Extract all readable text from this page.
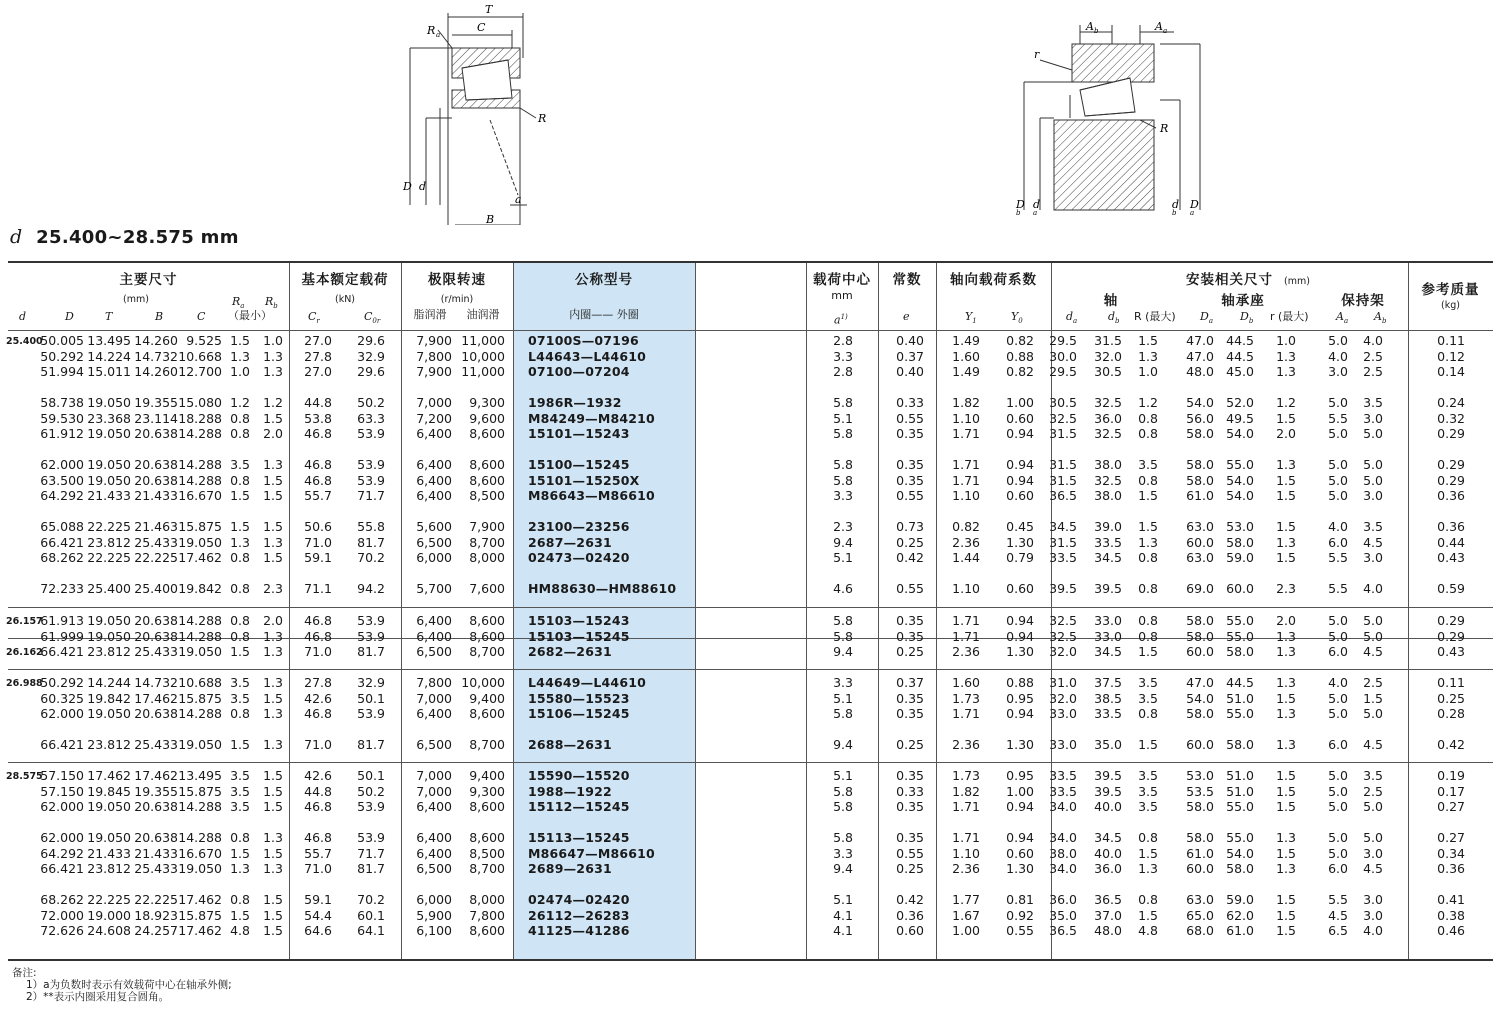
T
C
R a
R
D d
a
B
A b	A a
r
R
D
b
d
a
d
b
D
a
d 25.400~28.575 mm
主要尺寸
(mm)
基本额定载荷
(kN)
极限转速
(r/min)
公称型号
内圈—— 外圈
载荷中心
mm
常数	轴向载荷系数	安装相关尺寸	(mm)
轴	轴承座	保持架
参考质量
(kg)
脂润滑	油润滑
d	D	T	B	C
$R_a$ $R_b$
（最小）	$C_r$	$C_{0r}$	$a^{1)}$	e	$Y_1$	$Y_0$	$d_a$	$d_b$ R (最大) $D_a$ $D_b$ r (最大) $A_a$ $A_b$
25.400
50.005 13.495 14.260 9.525 1.5	1.0	27.0	29.6	7,900 11,000 07100S—07196	2.8	0.40	1.49	0.82	29.5	31.5	1.5	47.0 44.5	1.0	5.0	4.0	0.11
50.292 14.224 14.732 10.668 1.3	1.3	27.8	32.9	7,800 10,000 L44643—L44610	3.3	0.37	1.60	0.88	30.0	32.0	1.3	47.0 44.5	1.3	4.0	2.5	0.12
51.994 15.011 14.260 12.700 1.0	1.3	27.0	29.6	7,900 11,000 07100—07204	2.8	0.40	1.49	0.82	29.5	30.5	1.0	48.0 45.0	1.3	3.0	2.5	0.14
58.738 19.050 19.355 15.080 1.2	1.2	44.8	50.2	7,000	9,300 1986R—1932	5.8	0.33	1.82	1.00	30.5	32.5	1.2	54.0 52.0	1.2	5.0	3.5	0.24
59.530 23.368 23.114 18.288 0.8	1.5	53.8	63.3	7,200	9,600 M84249—M84210	5.1	0.55	1.10	0.60	32.5	36.0	0.8	56.0 49.5	1.5	5.5	3.0	0.32
61.912 19.050 20.638 14.288 0.8	2.0	46.8	53.9	6,400	8,600 15101—15243	5.8	0.35	1.71	0.94	31.5	32.5	0.8	58.0 54.0	2.0	5.0	5.0	0.29
62.000 19.050 20.638 14.288 3.5	1.3	46.8	53.9	6,400	8,600 15100—15245	5.8	0.35	1.71	0.94	31.5	38.0	3.5	58.0 55.0	1.3	5.0	5.0	0.29
63.500 19.050 20.638 14.288 0.8	1.5	46.8	53.9	6,400	8,600 15101—15250X	5.8	0.35	1.71	0.94	31.5	32.5	0.8	58.0 54.0	1.5	5.0	5.0	0.29
64.292 21.433 21.433 16.670 1.5	1.5	55.7	71.7	6,400	8,500 M86643—M86610	3.3	0.55	1.10	0.60	36.5	38.0	1.5	61.0 54.0	1.5	5.0	3.0	0.36
65.088 22.225 21.463 15.875 1.5	1.5	50.6	55.8	5,600	7,900 23100—23256	2.3	0.73	0.82	0.45	34.5	39.0	1.5	63.0 53.0	1.5	4.0	3.5	0.36
66.421 23.812 25.433 19.050 1.3	1.3	71.0	81.7	6,500	8,700 2687—2631	9.4	0.25	2.36	1.30	31.5	33.5	1.3	60.0 58.0	1.3	6.0	4.5	0.44
68.262 22.225 22.225 17.462 0.8	1.5	59.1	70.2	6,000	8,000 02473—02420	5.1	0.42	1.44	0.79	33.5	34.5	0.8	63.0 59.0	1.5	5.5	3.0	0.43
72.233 25.400 25.400 19.842 0.8	2.3	71.1	94.2	5,700	7,600 HM88630—HM88610	4.6	0.55	1.10	0.60	39.5	39.5	0.8	69.0 60.0	2.3	5.5	4.0	0.59
26.157
61.913 19.050 20.638 14.288 0.8	2.0	46.8	53.9	6,400	8,600 15103—15243	5.8	0.35	1.71	0.94	32.5	33.0	0.8	58.0 55.0	2.0	5.0	5.0	0.29
61.999 19.050 20.638 14.288 0.8	1.3	46.8	53.9	6,400	8,600 15103—15245	5.8	0.35	1.71	0.94	32.5	33.0	0.8	58.0 55.0	1.3	5.0	5.0	0.29
26.162
66.421 23.812 25.433 19.050 1.5	1.3	71.0	81.7	6,500	8,700 2682—2631	9.4	0.25	2.36	1.30	32.0	34.5	1.5	60.0 58.0	1.3	6.0	4.5	0.43
26.988
50.292 14.244 14.732 10.688 3.5	1.3	27.8	32.9	7,800 10,000 L44649—L44610	3.3	0.37	1.60	0.88	31.0	37.5	3.5	47.0 44.5	1.3	4.0	2.5	0.11
60.325 19.842 17.462 15.875 3.5	1.5	42.6	50.1	7,000	9,400 15580—15523	5.1	0.35	1.73	0.95	32.0	38.5	3.5	54.0 51.0	1.5	5.0	1.5	0.25
62.000 19.050 20.638 14.288 0.8	1.3	46.8	53.9	6,400	8,600 15106—15245	5.8	0.35	1.71	0.94	33.0	33.5	0.8	58.0 55.0	1.3	5.0	5.0	0.28
66.421 23.812 25.433 19.050 1.5	1.3	71.0	81.7	6,500	8,700 2688—2631	9.4	0.25	2.36	1.30	33.0	35.0	1.5	60.0 58.0	1.3	6.0	4.5	0.42
28.575
57.150 17.462 17.462 13.495 3.5	1.5	42.6	50.1	7,000	9,400 15590—15520	5.1	0.35	1.73	0.95	33.5	39.5	3.5	53.0 51.0	1.5	5.0	3.5	0.19
57.150 19.845 19.355 15.875 3.5	1.5	44.8	50.2	7,000	9,300 1988—1922	5.8	0.33	1.82	1.00	33.5	39.5	3.5	53.5 51.0	1.5	5.0	2.5	0.17
62.000 19.050 20.638 14.288 3.5	1.5	46.8	53.9	6,400	8,600 15112—15245	5.8	0.35	1.71	0.94	34.0	40.0	3.5	58.0 55.0	1.5	5.0	5.0	0.27
62.000 19.050 20.638 14.288 0.8	1.3	46.8	53.9	6,400	8,600 15113—15245	5.8	0.35	1.71	0.94	34.0	34.5	0.8	58.0 55.0	1.3	5.0	5.0	0.27
64.292 21.433 21.433 16.670 1.5	1.5	55.7	71.7	6,400	8,500 M86647—M86610	3.3	0.55	1.10	0.60	38.0	40.0	1.5	61.0 54.0	1.5	5.0	3.0	0.34
66.421 23.812 25.433 19.050 1.3	1.3	71.0	81.7	6,500	8,700 2689—2631	9.4	0.25	2.36	1.30	34.0	36.0	1.3	60.0 58.0	1.3	6.0	4.5	0.36
68.262 22.225 22.225 17.462 0.8	1.5	59.1	70.2	6,000	8,000 02474—02420	5.1	0.42	1.77	0.81	36.0	36.5	0.8	63.0 59.0	1.5	5.5	3.0	0.41
72.000 19.000 18.923 15.875 1.5	1.5	54.4	60.1	5,900	7,800 26112—26283	4.1	0.36	1.67	0.92	35.0	37.0	1.5	65.0 62.0	1.5	4.5	3.0	0.38
72.626 24.608 24.257 17.462 4.8	1.5	64.6	64.1	6,100	8,600 41125—41286	4.1	0.60	1.00	0.55	36.5	48.0	4.8	68.0 61.0	1.5	6.5	4.0	0.46
备注:
1）a为负数时表示有效载荷中心在轴承外侧;
2）**表示内圈采用复合圆角。
